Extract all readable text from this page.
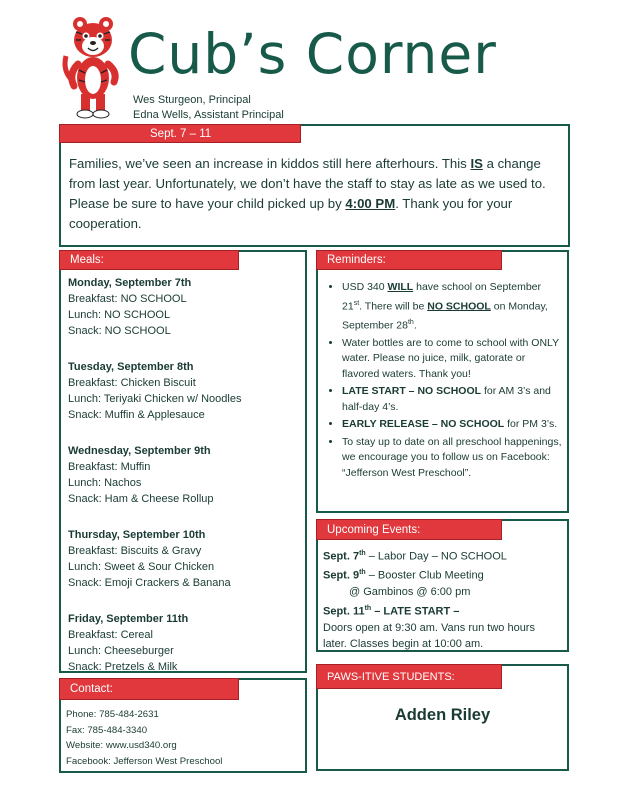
Cub’s Corner
Wes Sturgeon, Principal
Edna Wells, Assistant Principal
Sept. 7 – 11
Families, we’ve seen an increase in kiddos still here afterhours. This IS a change from last year. Unfortunately, we don’t have the staff to stay as late as we used to. Please be sure to have your child picked up by 4:00 PM. Thank you for your cooperation.
Meals:
Monday, September 7th
Breakfast: NO SCHOOL
Lunch: NO SCHOOL
Snack: NO SCHOOL
Tuesday, September 8th
Breakfast: Chicken Biscuit
Lunch: Teriyaki Chicken w/ Noodles
Snack: Muffin & Applesauce
Wednesday, September 9th
Breakfast: Muffin
Lunch: Nachos
Snack: Ham & Cheese Rollup
Thursday, September 10th
Breakfast: Biscuits & Gravy
Lunch: Sweet & Sour Chicken
Snack: Emoji Crackers & Banana
Friday, September 11th
Breakfast: Cereal
Lunch: Cheeseburger
Snack: Pretzels & Milk
Reminders:
• USD 340 WILL have school on September 21st. There will be NO SCHOOL on Monday, September 28th.
• Water bottles are to come to school with ONLY water. Please no juice, milk, gatorate or flavored waters. Thank you!
• LATE START – NO SCHOOL for AM 3’s and half-day 4’s.
• EARLY RELEASE – NO SCHOOL for PM 3’s.
• To stay up to date on all preschool happenings, we encourage you to follow us on Facebook: “Jefferson West Preschool”.
Upcoming Events:
Sept. 7th – Labor Day – NO SCHOOL
Sept. 9th – Booster Club Meeting
@ Gambinos @ 6:00 pm
Sept. 11th – LATE START –
Doors open at 9:30 am. Vans run two hours
later. Classes begin at 10:00 am.
Contact:
Phone: 785-484-2631
Fax: 785-484-3340
Website: www.usd340.org
Facebook: Jefferson West Preschool
PAWS-ITIVE STUDENTS:
Adden Riley
